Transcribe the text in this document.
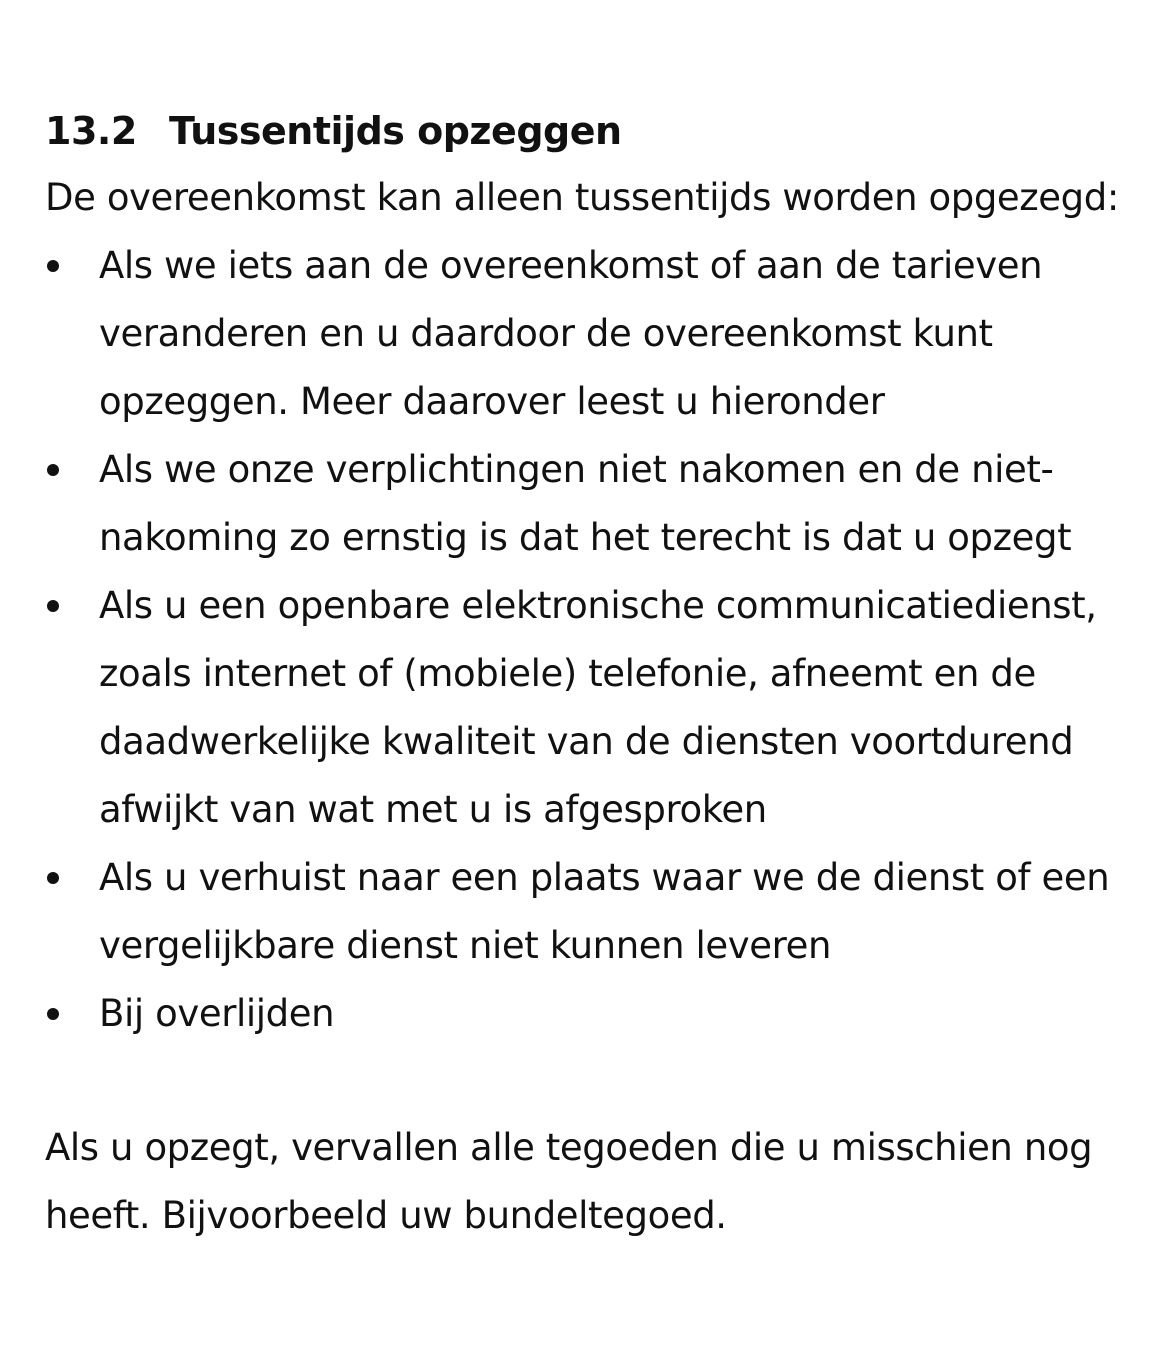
13.2 Tussentijds opzeggen

De overeenkomst kan alleen tussentijds worden opgezegd:

Als we iets aan de overeenkomst of aan de tarieven veranderen en u daardoor de overeenkomst kunt opzeggen. Meer daarover leest u hieronder
Als we onze verplichtingen niet nakomen en de niet-nakoming zo ernstig is dat het terecht is dat u opzegt
Als u een openbare elektronische communicatiedienst, zoals internet of (mobiele) telefonie, afneemt en de daadwerkelijke kwaliteit van de diensten voortdurend afwijkt van wat met u is afgesproken
Als u verhuist naar een plaats waar we de dienst of een vergelijkbare dienst niet kunnen leveren
Bij overlijden

Als u opzegt, vervallen alle tegoeden die u misschien nog heeft. Bijvoorbeeld uw bundeltegoed.
